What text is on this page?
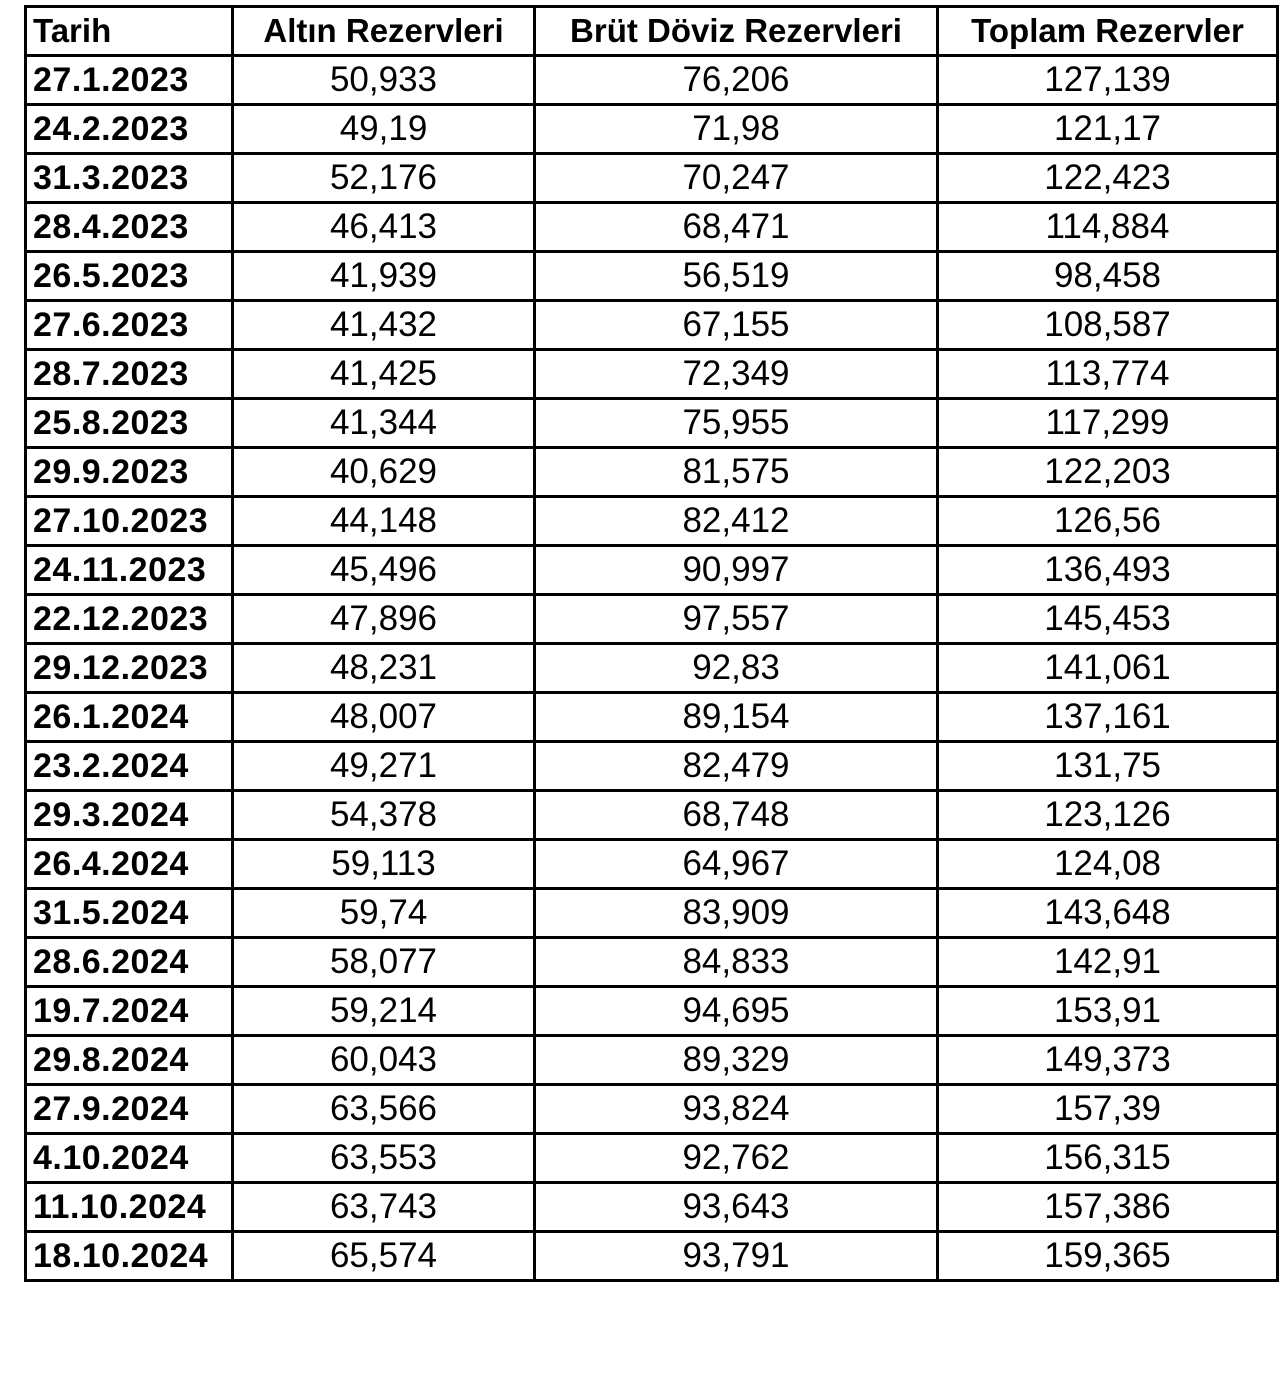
Tarih	Altın Rezervleri	Brüt Döviz Rezervleri	Toplam Rezervler
27.1.2023	50,933	76,206	127,139
24.2.2023	49,19	71,98	121,17
31.3.2023	52,176	70,247	122,423
28.4.2023	46,413	68,471	114,884
26.5.2023	41,939	56,519	98,458
27.6.2023	41,432	67,155	108,587
28.7.2023	41,425	72,349	113,774
25.8.2023	41,344	75,955	117,299
29.9.2023	40,629	81,575	122,203
27.10.2023	44,148	82,412	126,56
24.11.2023	45,496	90,997	136,493
22.12.2023	47,896	97,557	145,453
29.12.2023	48,231	92,83	141,061
26.1.2024	48,007	89,154	137,161
23.2.2024	49,271	82,479	131,75
29.3.2024	54,378	68,748	123,126
26.4.2024	59,113	64,967	124,08
31.5.2024	59,74	83,909	143,648
28.6.2024	58,077	84,833	142,91
19.7.2024	59,214	94,695	153,91
29.8.2024	60,043	89,329	149,373
27.9.2024	63,566	93,824	157,39
4.10.2024	63,553	92,762	156,315
11.10.2024	63,743	93,643	157,386
18.10.2024	65,574	93,791	159,365
